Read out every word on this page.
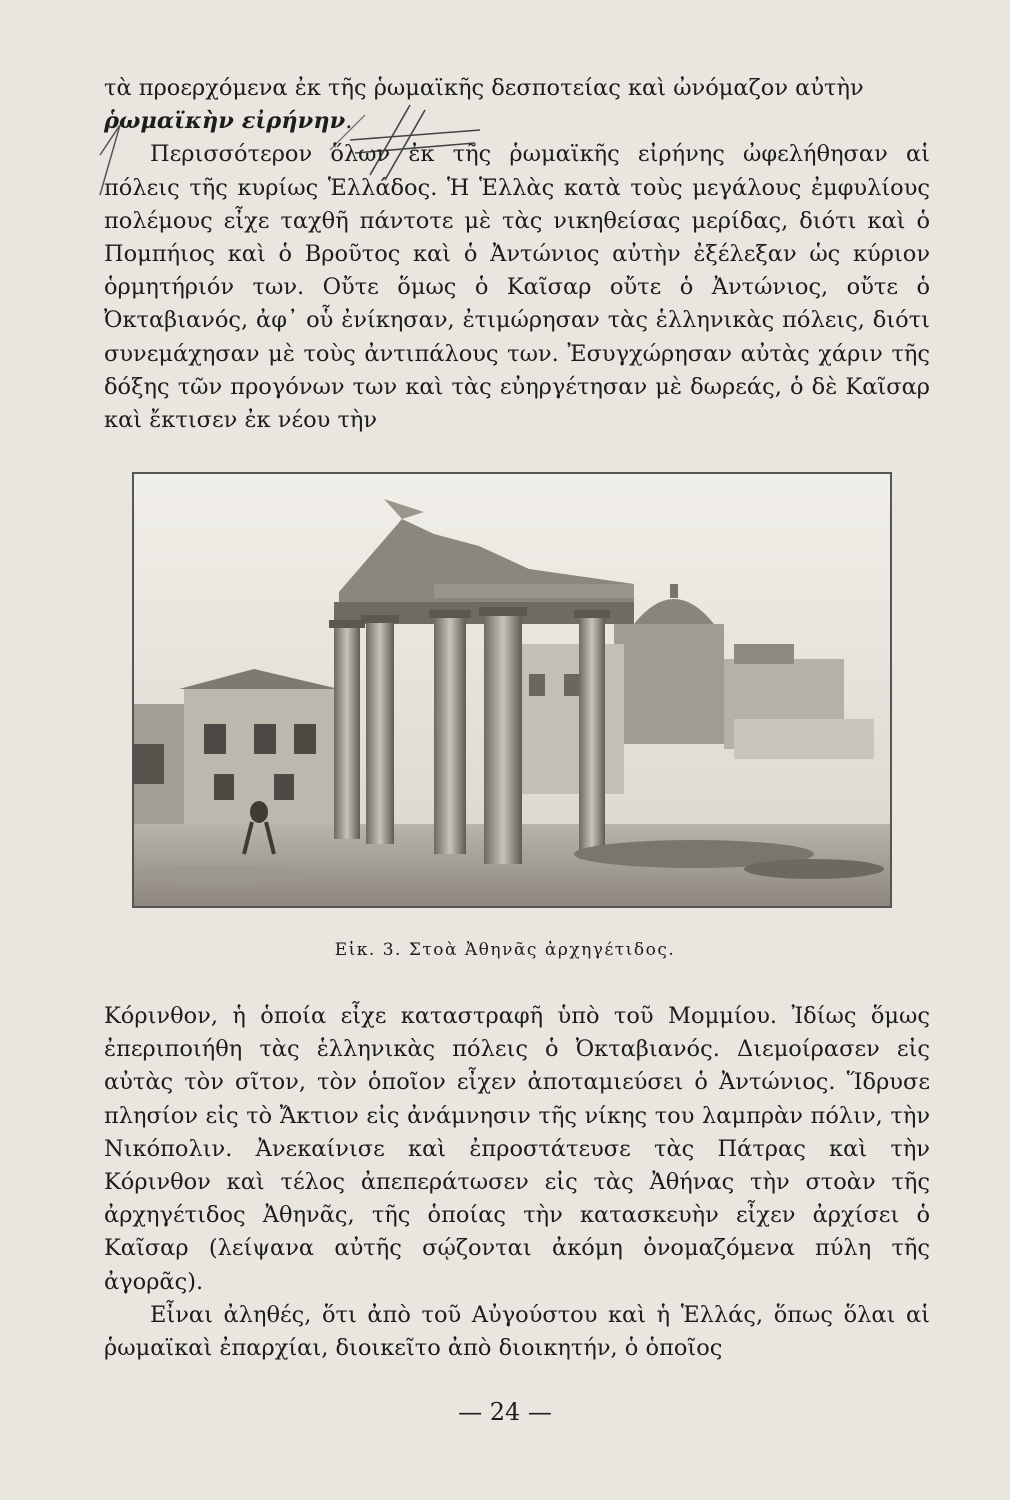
τὰ προερχόμενα ἐκ τῆς ῥωμαϊκῆς δεσποτείας καὶ ὠνόμαζον αὐτὴν
ῥωμαϊκὴν εἰρήνην.

Περισσότερον ὅλων ἐκ τῆς ῥωμαϊκῆς εἰρήνης ὠφελήθησαν αἱ πόλεις τῆς κυρίως Ἑλλάδος. Ἡ Ἑλλὰς κατὰ τοὺς μεγάλους ἐμφυλίους πολέμους εἶχε ταχθῆ πάντοτε μὲ τὰς νικηθείσας μερίδας, διότι καὶ ὁ Πομπήιος καὶ ὁ Βροῦτος καὶ ὁ Ἀντώνιος αὐτὴν ἐξέλεξαν ὡς κύριον ὁρμητήριόν των. Οὔτε ὅμως ὁ Καῖσαρ οὔτε ὁ Ἀντώνιος, οὔτε ὁ Ὀκταβιανός, ἀφ᾽ οὗ ἐνίκησαν, ἐτιμώρησαν τὰς ἑλληνικὰς πόλεις, διότι συνεμάχησαν μὲ τοὺς ἀντιπάλους των. Ἐσυγχώρησαν αὐτὰς χάριν τῆς δόξης τῶν προγόνων των καὶ τὰς εὐηργέτησαν μὲ δωρεάς, ὁ δὲ Καῖσαρ καὶ ἔκτισεν ἐκ νέου τὴν

Εἰκ. 3. Στοὰ Ἀθηνᾶς ἀρχηγέτιδος.

Κόρινθον, ἡ ὁποία εἶχε καταστραφῆ ὑπὸ τοῦ Μομμίου. Ἰδίως ὅμως ἐπεριποιήθη τὰς ἑλληνικὰς πόλεις ὁ Ὀκταβιανός. Διεμοίρασεν εἰς αὐτὰς τὸν σῖτον, τὸν ὁποῖον εἶχεν ἀποταμιεύσει ὁ Ἀντώνιος. Ἵδρυσε πλησίον εἰς τὸ Ἄκτιον εἰς ἀνάμνησιν τῆς νίκης του λαμπρὰν πόλιν, τὴν Νικόπολιν. Ἀνεκαίνισε καὶ ἐπροστάτευσε τὰς Πάτρας καὶ τὴν Κόρινθον καὶ τέλος ἀπεπεράτωσεν εἰς τὰς Ἀθήνας τὴν στοὰν τῆς ἀρχηγέτιδος Ἀθηνᾶς, τῆς ὁποίας τὴν κατασκευὴν εἶχεν ἀρχίσει ὁ Καῖσαρ (λείψανα αὐτῆς σῴζονται ἀκόμη ὀνομαζόμενα πύλη τῆς ἀγορᾶς).

Εἶναι ἀληθές, ὅτι ἀπὸ τοῦ Αὐγούστου καὶ ἡ Ἑλλάς, ὅπως ὅλαι αἱ ῥωμαϊκαὶ ἐπαρχίαι, διοικεῖτο ἀπὸ διοικητήν, ὁ ὁποῖος

— 24 —
